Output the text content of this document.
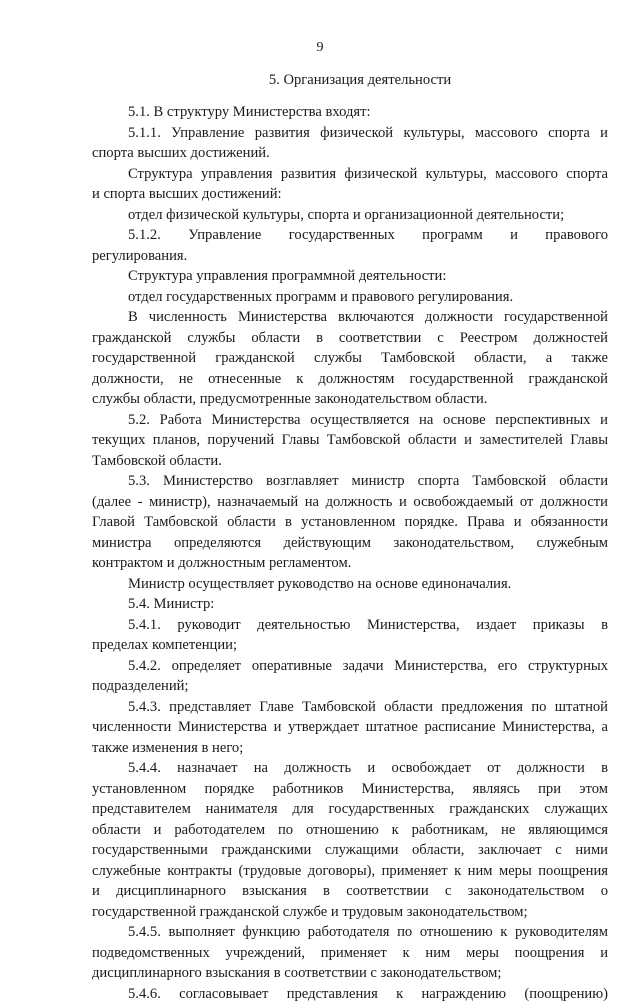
9
5. Организация деятельности
5.1. В структуру Министерства входят:
5.1.1. Управление развития физической культуры, массового спорта и
спорта высших достижений.
Структура управления развития физической культуры, массового спорта
и спорта высших достижений:
отдел физической культуры, спорта и организационной деятельности;
5.1.2. Управление государственных программ и правового
регулирования.
Структура управления программной деятельности:
отдел государственных программ и правового регулирования.
В численность Министерства включаются должности государственной
гражданской службы области в соответствии с Реестром должностей
государственной гражданской службы Тамбовской области, а также
должности, не отнесенные к должностям государственной гражданской
службы области, предусмотренные законодательством области.
5.2. Работа Министерства осуществляется на основе перспективных и
текущих планов, поручений Главы Тамбовской области и заместителей Главы
Тамбовской области.
5.3. Министерство возглавляет министр спорта Тамбовской области
(далее - министр), назначаемый на должность и освобождаемый от должности
Главой Тамбовской области в установленном порядке. Права и обязанности
министра определяются действующим законодательством, служебным
контрактом и должностным регламентом.
Министр осуществляет руководство на основе единоначалия.
5.4. Министр:
5.4.1. руководит деятельностью Министерства, издает приказы в
пределах компетенции;
5.4.2. определяет оперативные задачи Министерства, его структурных
подразделений;
5.4.3. представляет Главе Тамбовской области предложения по штатной
численности Министерства и утверждает штатное расписание Министерства, а
также изменения в него;
5.4.4. назначает на должность и освобождает от должности в
установленном порядке работников Министерства, являясь при этом
представителем нанимателя для государственных гражданских служащих
области и работодателем по отношению к работникам, не являющимся
государственными гражданскими служащими области, заключает с ними
служебные контракты (трудовые договоры), применяет к ним меры поощрения
и дисциплинарного взыскания в соответствии с законодательством о
государственной гражданской службе и трудовым законодательством;
5.4.5. выполняет функцию работодателя по отношению к руководителям
подведомственных учреждений, применяет к ним меры поощрения и
дисциплинарного взыскания в соответствии с законодательством;
5.4.6. согласовывает представления к награждению (поощрению)
